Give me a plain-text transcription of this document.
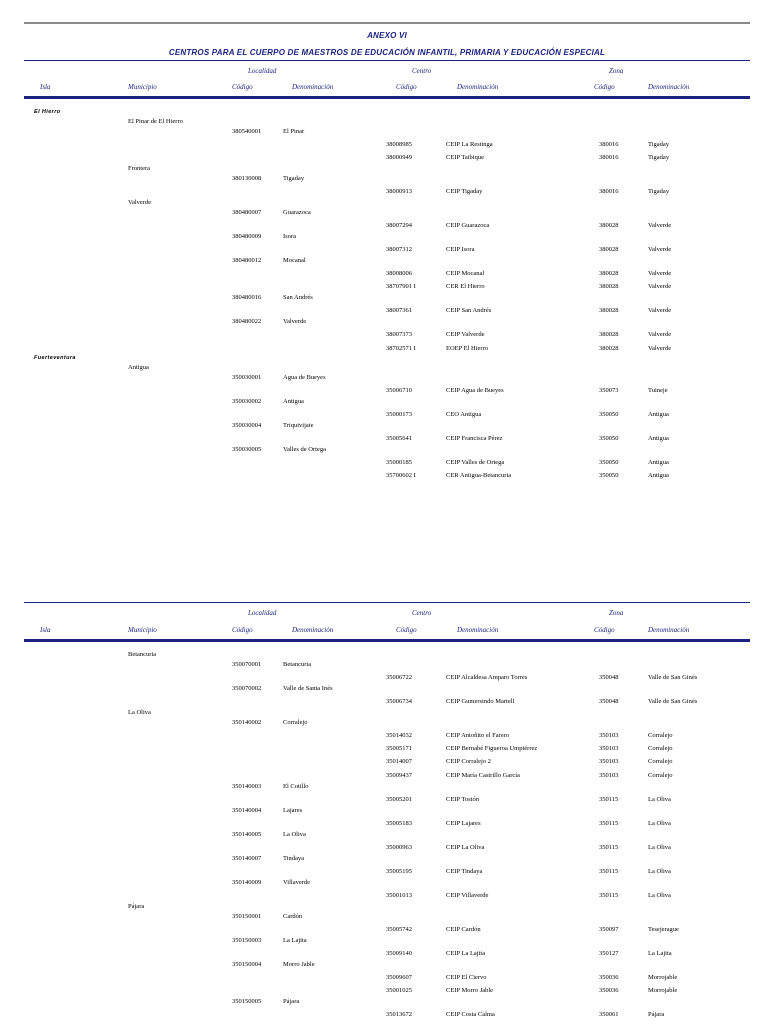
ANEXO VI
CENTROS PARA EL CUERPO DE MAESTROS DE EDUCACIÓN INFANTIL, PRIMARIA Y EDUCACIÓN ESPECIAL
Localidad	Centro	Zona
Isla	Municipio	Código	Denominación	Código	Denominación	Código	Denominación
El Hierro
El Pinar de El Hierro
380540001	El Pinar
38008985	CEIP La Restinga	380016	Tigaday
38000949	CEIP Taibique	380016	Tigaday
Frontera
380130008	Tigaday
38000913	CEIP Tigaday	380016	Tigaday
Valverde
380480007	Guarazoca
38007294	CEIP Guarazoca	380028	Valverde
380480009	Isora
38007312	CEIP Isora	380028	Valverde
380480012	Mocanal
38008006	CEIP Mocanal	380028	Valverde
38707901 I	CER El Hierro	380028	Valverde
380480016	San Andrés
38007361	CEIP San Andrés	380028	Valverde
380480022	Valverde
38007373	CEIP Valverde	380028	Valverde
38702571 I	EOEP El Hierro	380028	Valverde
Fuerteventura
Antigua
350030001	Agua de Bueyes
35006710	CEIP Agua de Bueyes	350073	Tuineje
350030002	Antigua
35000173	CEO Antigua	350050	Antigua
350030004	Triquivijate
35005641	CEIP Francisca Pérez	350050	Antigua
350030005	Valles de Ortega
35000185	CEIP Valles de Ortega	350050	Antigua
35700602 I	CER Antigua-Betancuria	350050	Antigua
Localidad	Centro	Zona
Isla	Municipio	Código	Denominación	Código	Denominación	Código	Denominación
Betancuria
350070001	Betancuria
35006722	CEIP Alcaldesa Amparo Torres	350048	Valle de San Ginés
350070002	Valle de Santa Inés
35006734	CEIP Gumersindo Martell	350048	Valle de San Ginés
La Oliva
350140002	Corralejo
35014032	CEIP Antoñito el Farero	350103	Corralejo
35005171	CEIP Bernabé Figueroa Umpiérrez	350103	Corralejo
35014007	CEIP Corralejo 2	350103	Corralejo
35009437	CEIP María Castrillo García	350103	Corralejo
350140003	El Cotillo
35005201	CEIP Tostón	350115	La Oliva
350140004	Lajares
35005183	CEIP Lajares	350115	La Oliva
350140005	La Oliva
35000963	CEIP La Oliva	350115	La Oliva
350140007	Tindaya
35005195	CEIP Tindaya	350115	La Oliva
350140009	Villaverde
35001013	CEIP Villaverde	350115	La Oliva
Pájara
350150001	Cardón
35005742	CEIP Cardón	350097	Tesejerague
350150003	La Lajita
35009140	CEIP La Lajita	350127	La Lajita
350150004	Morro Jable
35009607	CEIP El Ciervo	350036	Morrojable
35001025	CEIP Morro Jable	350036	Morrojable
350150005	Pájara
35013672	CEIP Costa Calma	350061	Pájara
